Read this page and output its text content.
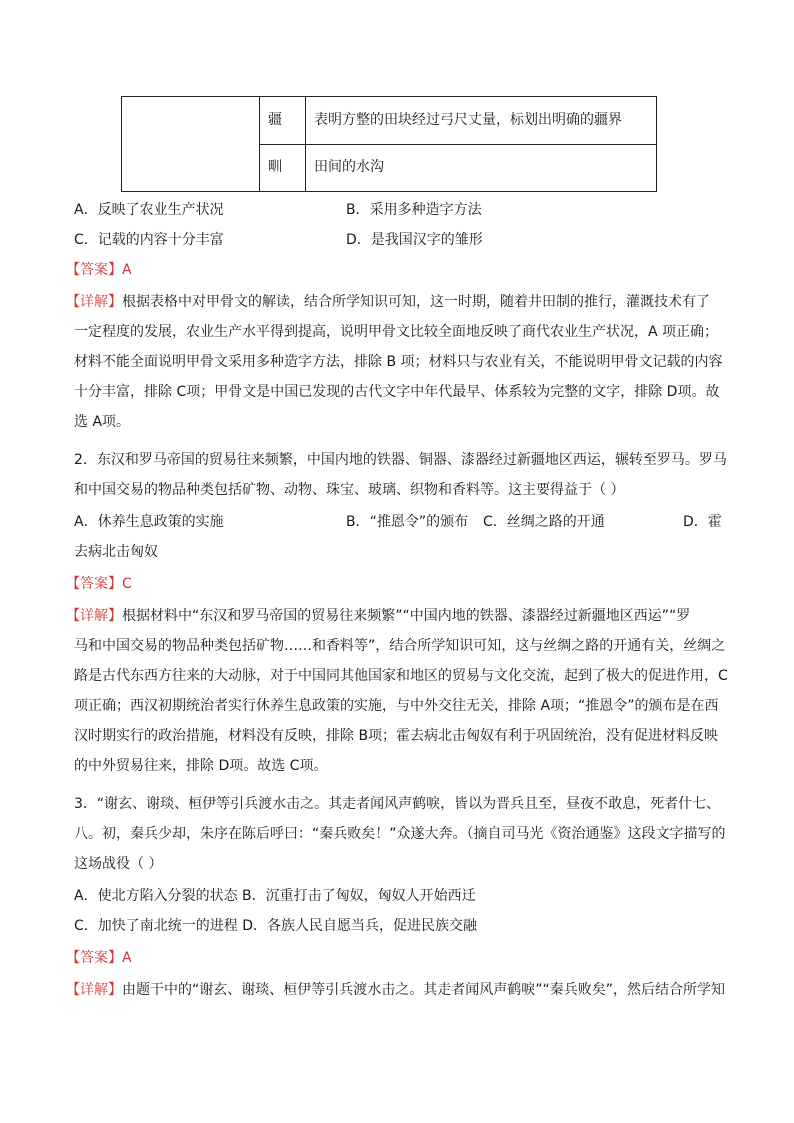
疆 表明方整的田块经过弓尺丈量，标划出明确的疆界
甽 田间的水沟
A．反映了农业生产状况	B．采用多种造字方法
C．记载的内容十分丰富	D．是我国汉字的雏形
【答案】A
【详解】根据表格中对甲骨文的解读，结合所学知识可知，这一时期，随着井田制的推行，灌溉技术有了
一定程度的发展，农业生产水平得到提高，说明甲骨文比较全面地反映了商代农业生产状况，A 项正确；
材料不能全面说明甲骨文采用多种造字方法，排除 B 项；材料只与农业有关，不能说明甲骨文记载的内容
十分丰富，排除 C项；甲骨文是中国已发现的古代文字中年代最早、体系较为完整的文字，排除 D项。故
选 A项。
2．东汉和罗马帝国的贸易往来频繁，中国内地的铁器、铜器、漆器经过新疆地区西运，辗转至罗马。罗马
和中国交易的物品种类包括矿物、动物、珠宝、玻璃、织物和香料等。这主要得益于（ ）
A．休养生息政策的实施	B．“推恩令”的颁布 C．丝绸之路的开通	D．霍
去病北击匈奴
【答案】C
【详解】根据材料中“东汉和罗马帝国的贸易往来频繁”“中国内地的铁器、漆器经过新疆地区西运”“罗
马和中国交易的物品种类包括矿物……和香料等”，结合所学知识可知，这与丝绸之路的开通有关，丝绸之
路是古代东西方往来的大动脉，对于中国同其他国家和地区的贸易与文化交流，起到了极大的促进作用，C
项正确；西汉初期统治者实行休养生息政策的实施，与中外交往无关，排除 A项；“推恩令”的颁布是在西
汉时期实行的政治措施，材料没有反映，排除 B项；霍去病北击匈奴有利于巩固统治，没有促进材料反映
的中外贸易往来，排除 D项。故选 C项。
3．“谢玄、谢琰、桓伊等引兵渡水击之。其走者闻风声鹤唳，皆以为晋兵且至，昼夜不敢息，死者什七、
八。初，秦兵少却，朱序在陈后呼曰：“秦兵败矣！”众遂大奔。（摘自司马光《资治通鉴》这段文字描写的
这场战役（ ）
A．使北方陷入分裂的状态 B．沉重打击了匈奴，匈奴人开始西迁
C．加快了南北统一的进程 D．各族人民自愿当兵，促进民族交融
【答案】A
【详解】由题干中的“谢玄、谢琰、桓伊等引兵渡水击之。其走者闻风声鹤唳”“秦兵败矣”，然后结合所学知
